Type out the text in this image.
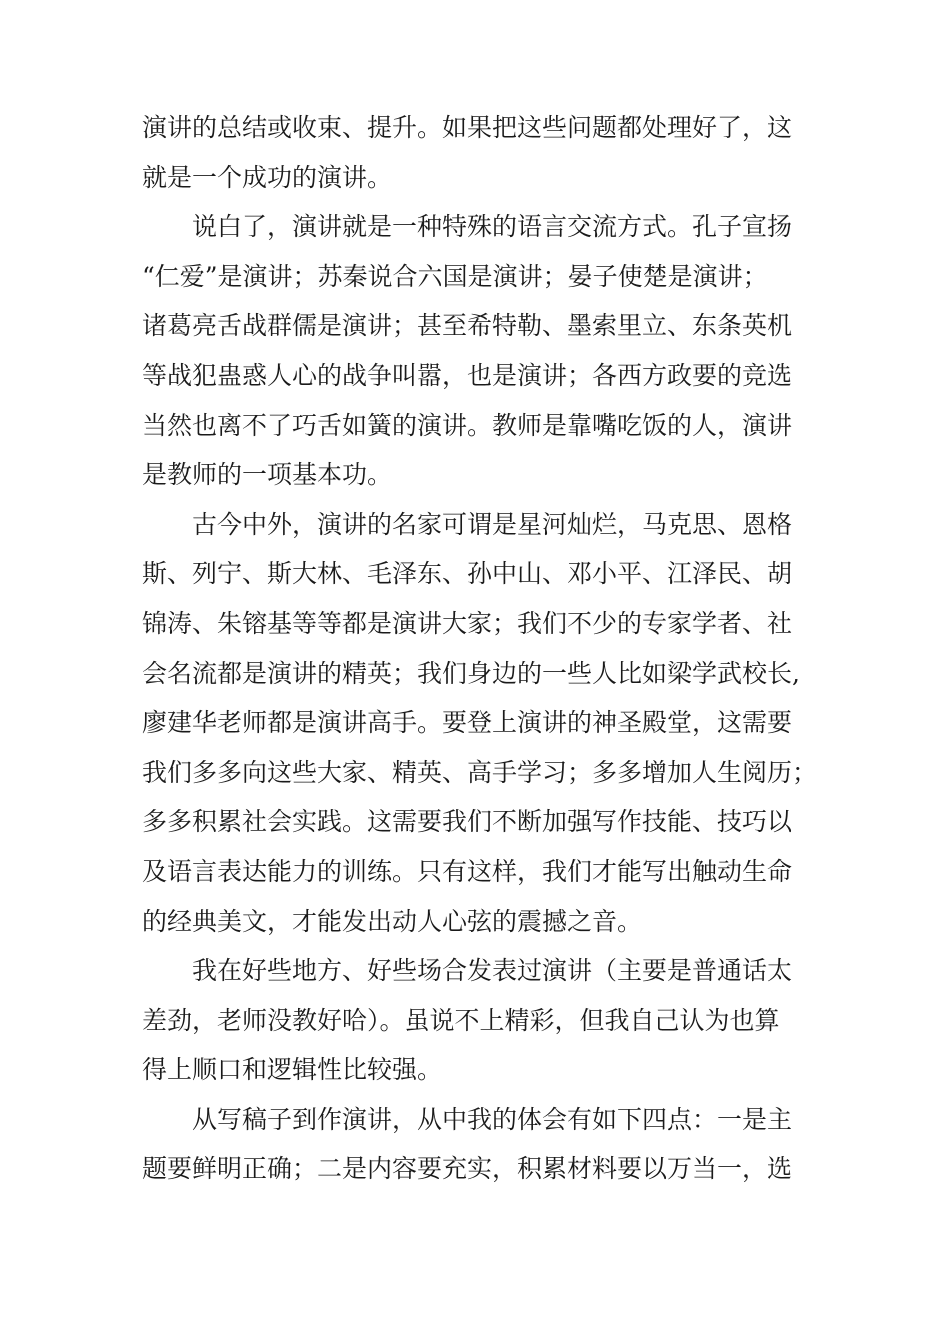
演讲的总结或收束、提升。如果把这些问题都处理好了，这
就是一个成功的演讲。
说白了，演讲就是一种特殊的语言交流方式。孔子宣扬
“仁爱”是演讲；苏秦说合六国是演讲；晏子使楚是演讲；
诸葛亮舌战群儒是演讲；甚至希特勒、墨索里立、东条英机
等战犯蛊惑人心的战争叫嚣，也是演讲；各西方政要的竞选
当然也离不了巧舌如簧的演讲。教师是靠嘴吃饭的人，演讲
是教师的一项基本功。
古今中外，演讲的名家可谓是星河灿烂，马克思、恩格
斯、列宁、斯大林、毛泽东、孙中山、邓小平、江泽民、胡
锦涛、朱镕基等等都是演讲大家；我们不少的专家学者、社
会名流都是演讲的精英；我们身边的一些人比如梁学武校长,
廖建华老师都是演讲高手。要登上演讲的神圣殿堂，这需要
我们多多向这些大家、精英、高手学习；多多增加人生阅历；
多多积累社会实践。这需要我们不断加强写作技能、技巧以
及语言表达能力的训练。只有这样，我们才能写出触动生命
的经典美文，才能发出动人心弦的震撼之音。
我在好些地方、好些场合发表过演讲（主要是普通话太
差劲，老师没教好哈）。虽说不上精彩，但我自己认为也算
得上顺口和逻辑性比较强。
从写稿子到作演讲，从中我的体会有如下四点：一是主
题要鲜明正确；二是内容要充实，积累材料要以万当一，选
